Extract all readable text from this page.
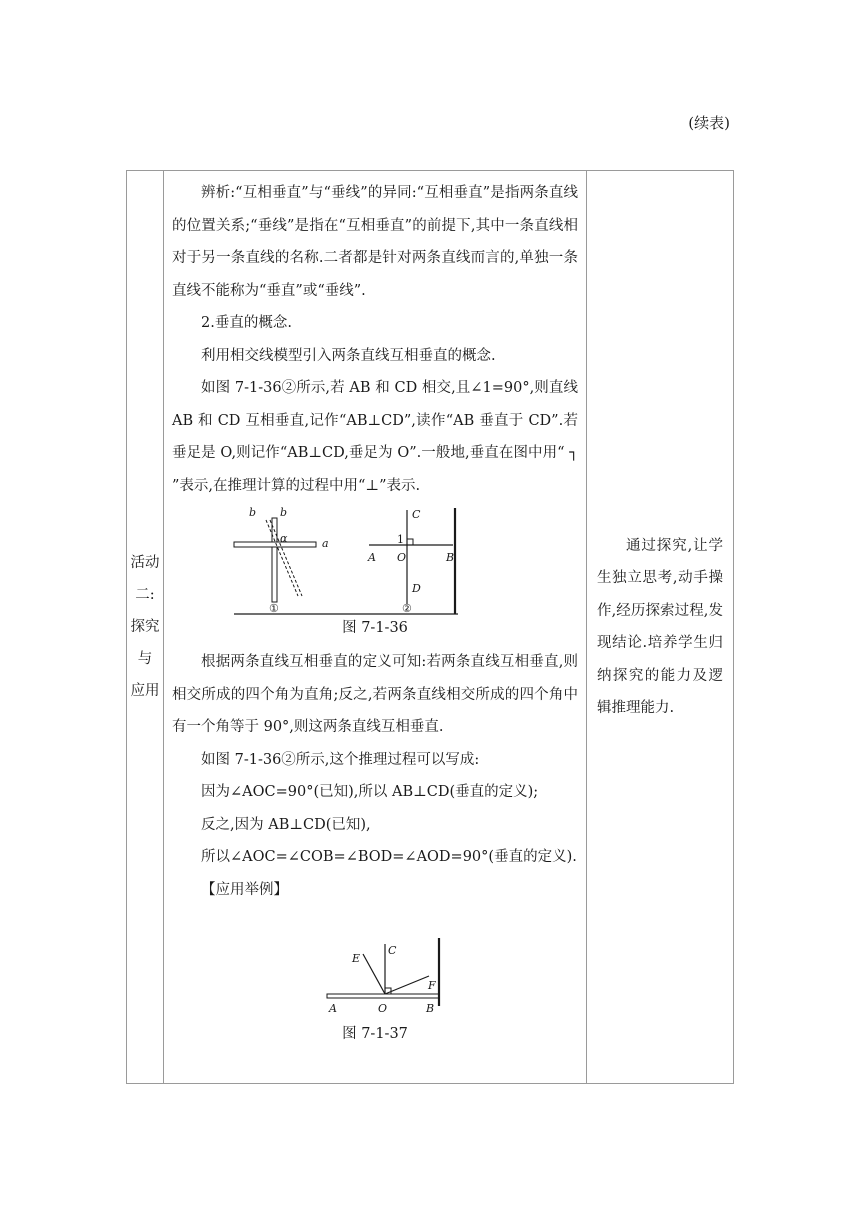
(续表)
活动
二:
探究
与
应用

辨析:“互相垂直”与“垂线”的异同:“互相垂直”是指两条直线的位置关系;“垂线”是指在“互相垂直”的前提下,其中一条直线相对于另一条直线的名称.二者都是针对两条直线而言的,单独一条直线不能称为“垂直”或“垂线”.

2.垂直的概念.

利用相交线模型引入两条直线互相垂直的概念.

如图 7-1-36②所示,若 AB 和 CD 相交,且∠1=90°,则直线 AB 和 CD 互相垂直,记作“AB⊥CD”,读作“AB 垂直于 CD”.若垂足是 O,则记作“AB⊥CD,垂足为 O”.一般地,垂直在图中用“ ┐ ”表示,在推理计算的过程中用“⊥”表示.

b b
α	a
①
C
1
A O	B
D
②

图 7-1-36

根据两条直线互相垂直的定义可知:若两条直线互相垂直,则相交所成的四个角为直角;反之,若两条直线相交所成的四个角中有一个角等于 90°,则这两条直线互相垂直.

如图 7-1-36②所示,这个推理过程可以写成:

因为∠AOC=90°(已知),所以 AB⊥CD(垂直的定义);

反之,因为 AB⊥CD(已知),

所以∠AOC=∠COB=∠BOD=∠AOD=90°(垂直的定义).

【应用举例】

C
E
F
A	O	B

图 7-1-37

通过探究,让学生独立思考,动手操作,经历探索过程,发现结论.培养学生归纳探究的能力及逻辑推理能力.
